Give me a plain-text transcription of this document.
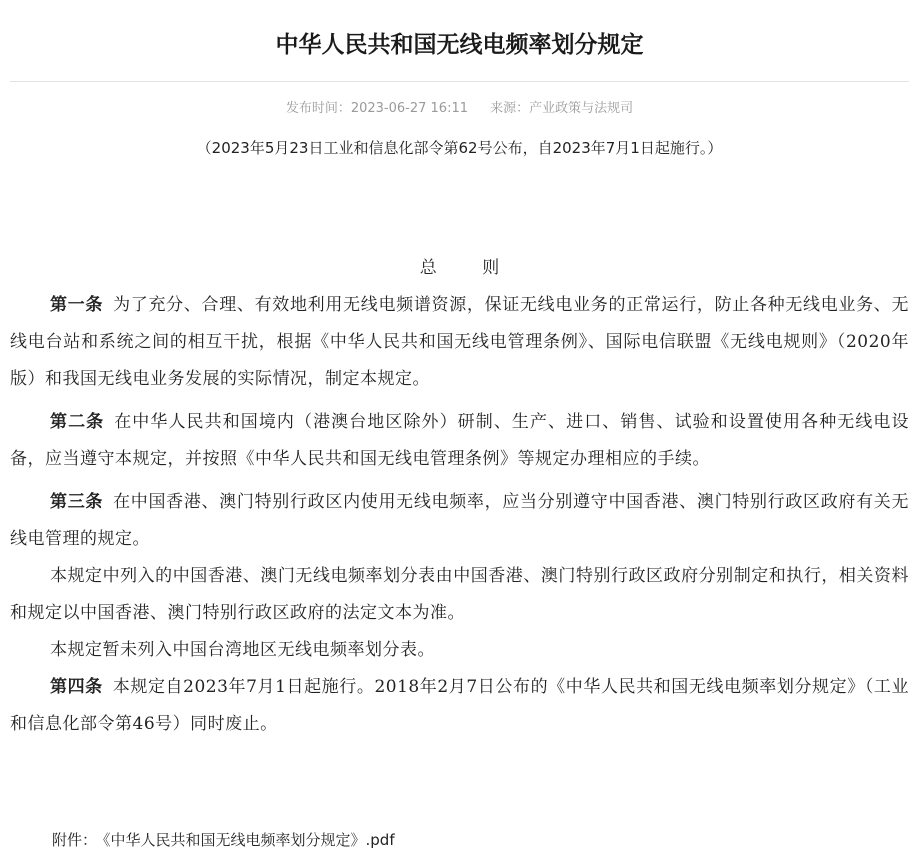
中华人民共和国无线电频率划分规定
发布时间：2023-06-27 16:11 来源：产业政策与法规司
（2023年5月23日工业和信息化部令第62号公布，自2023年7月1日起施行。）
总 则

第一条 为了充分、合理、有效地利用无线电频谱资源，保证无线电业务的正常运行，防止各种无线电业务、无线电台站和系统之间的相互干扰，根据《中华人民共和国无线电管理条例》、国际电信联盟《无线电规则》（2020年版）和我国无线电业务发展的实际情况，制定本规定。

第二条 在中华人民共和国境内（港澳台地区除外）研制、生产、进口、销售、试验和设置使用各种无线电设备，应当遵守本规定，并按照《中华人民共和国无线电管理条例》等规定办理相应的手续。

第三条 在中国香港、澳门特别行政区内使用无线电频率，应当分别遵守中国香港、澳门特别行政区政府有关无线电管理的规定。

本规定中列入的中国香港、澳门无线电频率划分表由中国香港、澳门特别行政区政府分别制定和执行，相关资料和规定以中国香港、澳门特别行政区政府的法定文本为准。

本规定暂未列入中国台湾地区无线电频率划分表。

第四条 本规定自2023年7月1日起施行。2018年2月7日公布的《中华人民共和国无线电频率划分规定》（工业和信息化部令第46号）同时废止。

附件： 《中华人民共和国无线电频率划分规定》.pdf
